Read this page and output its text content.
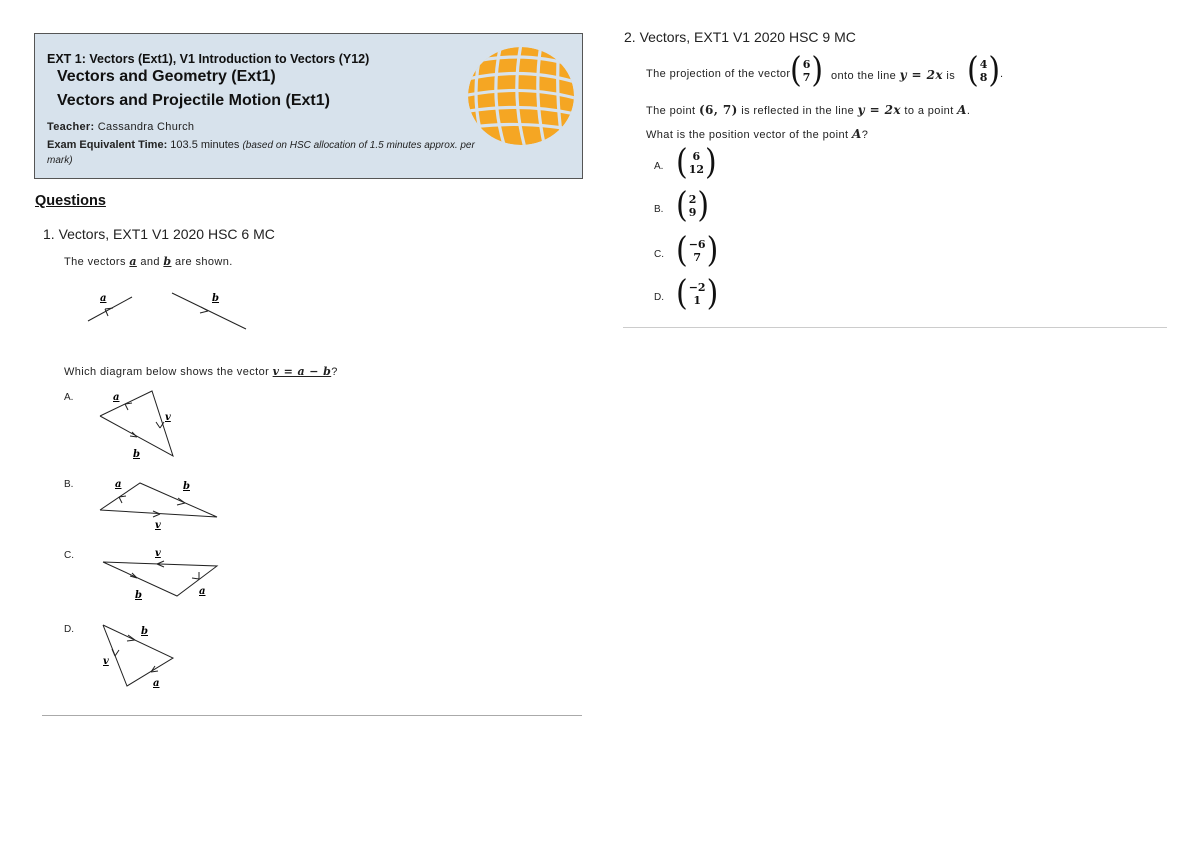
EXT 1: Vectors (Ext1), V1 Introduction to Vectors (Y12)
Vectors and Geometry (Ext1)
Vectors and Projectile Motion (Ext1)
Teacher: Cassandra Church
Exam Equivalent Time: 103.5 minutes (based on HSC allocation of 1.5 minutes approx. per mark)
Questions
1. Vectors, EXT1 V1 2020 HSC 6 MC
The vectors a and b are shown.
a	b
Which diagram below shows the vector v = a − b?
A.	a
v
b
B.	a	b
v
C.	v
b	a
D.	b
v
a
2. Vectors, EXT1 V1 2020 HSC 9 MC
The projection of the vector ( 6
7 ) onto the line y = 2x is ( 4
8 ) .
The point (6, 7) is reflected in the line y = 2x to a point A.
What is the position vector of the point A?
A. ( 6
12 )
B. ( 2
9 )
C. ( −6
7 )
D. ( −2
1 )
